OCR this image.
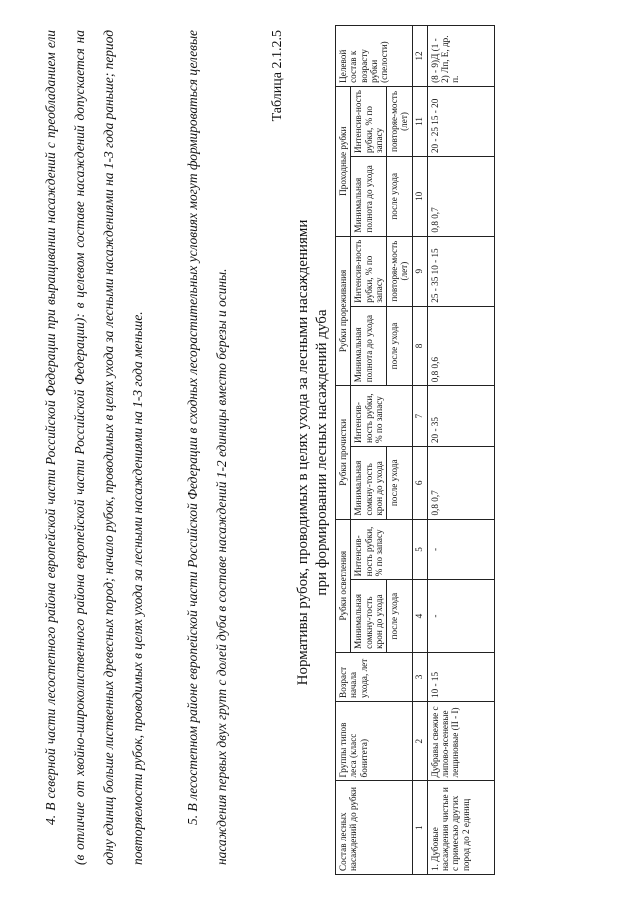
4. В северной части лесостепного района европейской части Российской Федерации при выращивании насаждений с преобладанием ели (в отличие от хвойно-широколиственного района европейской части Российской Федерации): в целевом составе насаждений допускается на одну единиц больше лиственных древесных пород; начало рубок, проводимых в целях ухода за лесными насаждениями на 1-3 года раньше; период повторяемости рубок, проводимых в целях ухода за лесными насаждениями на 1-3 года меньше.	5. В лесостепном районе европейской части Российской Федерации в сходных лесорастительных условиях могут формироваться целевые насаждения первых двух групп с долей дуба в составе насаждений 1-2 единицы вместо березы и осины.

Таблица 2.1.2.5
Нормативы рубок, проводимых в целях ухода за лесными насаждениями при формировании лесных насаждений дуба
Состав лесных насаждений до рубки	Группы типов леса (класс бонитета)	Возраст начала ухода, лет	Рубки осветления		Рубки прочистки		Рубки прореживания		Проходные рубки		Целевой состав к возрасту рубки (спелости)
			Минимальная сомкну-тость крон до ухода	Интенсив-ность рубки, % по запасу	Минимальная сомкну-тость крон до ухода	Интенсив-ность рубки, % по запасу	Минимальная полнота до ухода	Интенсив-ность рубки, % по запасу	Минимальная полнота до ухода	Интенсив-ность рубки, % по запасу	
			после ухода		после ухода		после ухода	повторяе-мость (лет)	после ухода	повторяе-мость (лет)	
1	2	3	4	5	6	7	8	9	10	11	12
1. Дубовые насаждения чистые и с примесью других пород до 2 единиц	Дубравы свежие с липово-ясеневые лещиновые (II - I)	10 - 15	-	-	0,8 0,7	20 - 35	0,8 0,6	25 - 35 10 - 15	0,8 0,7	20 - 25 15 - 20	(8 - 9)Д (1 - 2) Лп, Е, др. п.
